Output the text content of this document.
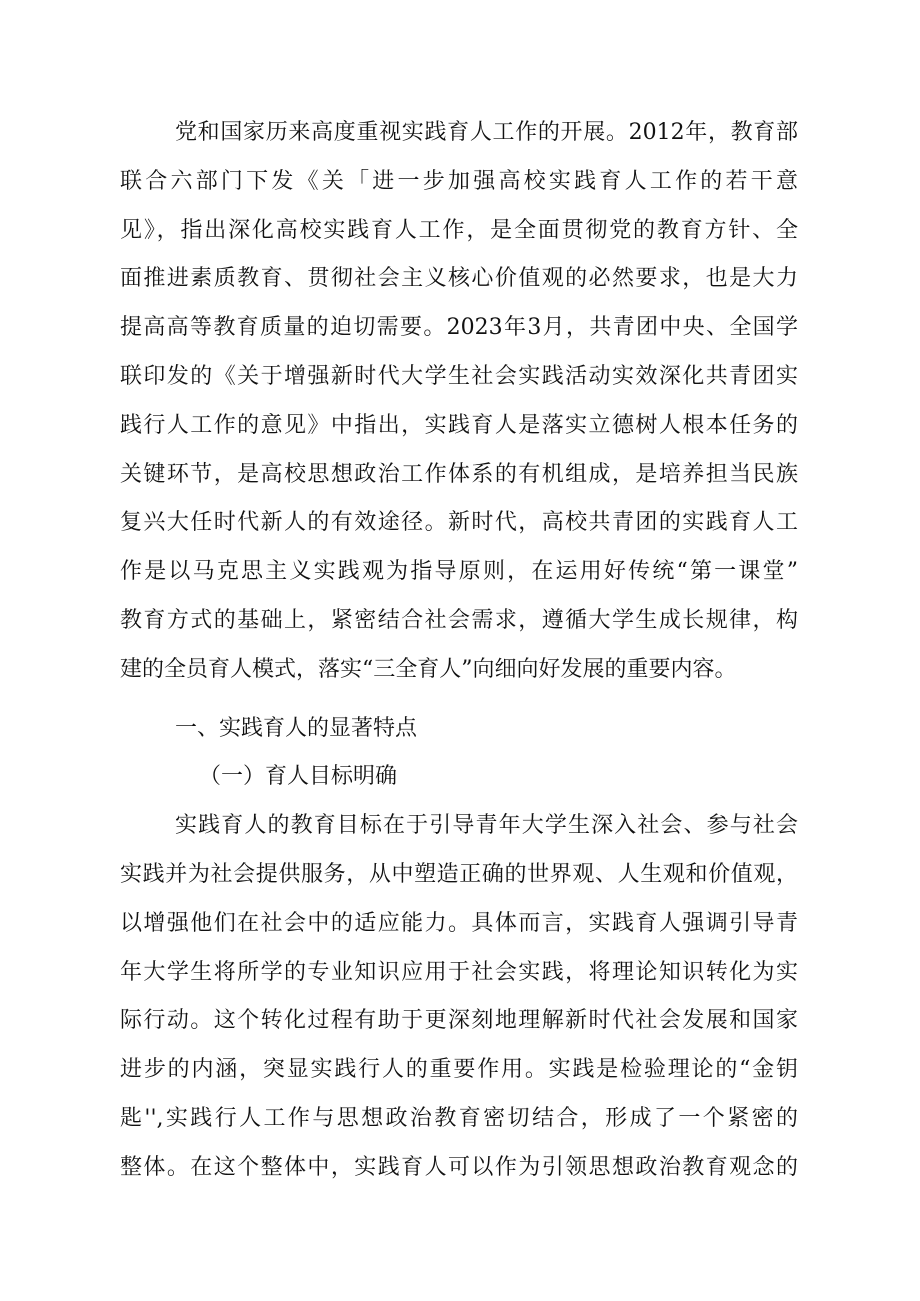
党和国家历来高度重视实践育人工作的开展。2012年，教育部
联合六部门下发《关「进一步加强高校实践育人工作的若干意
见》，指出深化高校实践育人工作，是全面贯彻党的教育方针、全
面推进素质教育、贯彻社会主义核心价值观的必然要求，也是大力
提高高等教育质量的迫切需要。2023年3月，共青团中央、全国学
联印发的《关于增强新时代大学生社会实践活动实效深化共青团实
践行人工作的意见》中指出，实践育人是落实立德树人根本任务的
关键环节，是高校思想政治工作体系的有机组成，是培养担当民族
复兴大任时代新人的有效途径。新时代，高校共青团的实践育人工
作是以马克思主义实践观为指导原则，在运用好传统“第一课堂”
教育方式的基础上，紧密结合社会需求，遵循大学生成长规律，构
建的全员育人模式，落实“三全育人”向细向好发展的重要内容。
一、实践育人的显著特点
（一）育人目标明确
实践育人的教育目标在于引导青年大学生深入社会、参与社会
实践并为社会提供服务，从中塑造正确的世界观、人生观和价值观，
以增强他们在社会中的适应能力。具体而言，实践育人强调引导青
年大学生将所学的专业知识应用于社会实践，将理论知识转化为实
际行动。这个转化过程有助于更深刻地理解新时代社会发展和国家
进步的内涵，突显实践行人的重要作用。实践是检验理论的“金钥
匙'',实践行人工作与思想政治教育密切结合，形成了一个紧密的
整体。在这个整体中，实践育人可以作为引领思想政治教育观念的
